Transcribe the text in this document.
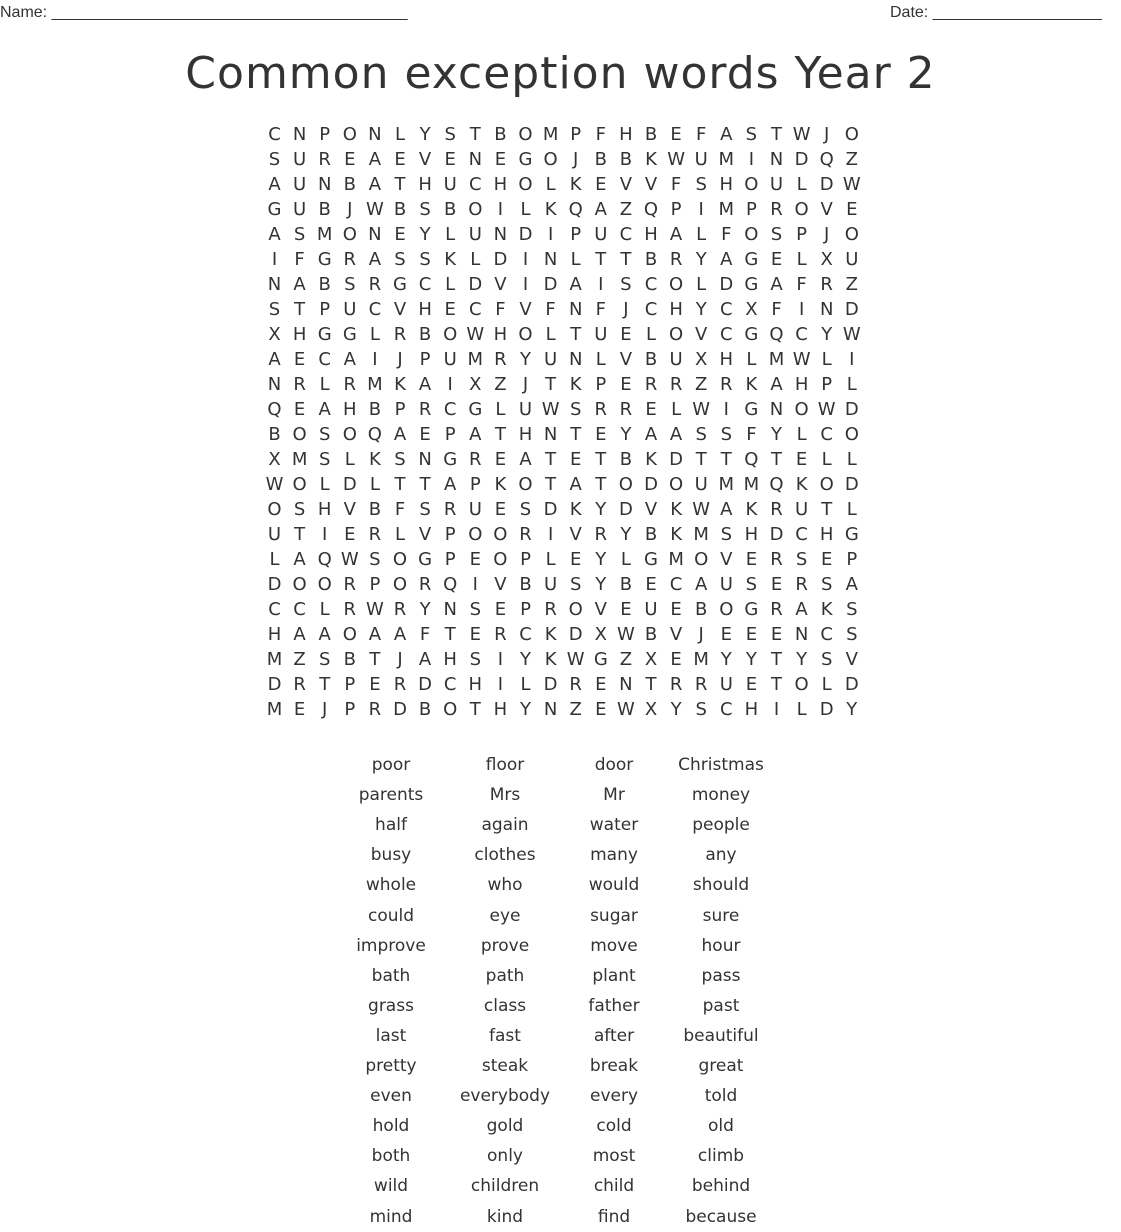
Name: ________________________________________	Date: ___________________
Common exception words Year 2
C N P O N L Y S T B O M P F H B E F A S T W J O
S U R E A E V E N E G O J B B K W U M I N D Q Z
A U N B A T H U C H O L K E V V F S H O U L D W
G U B J W B S B O I L K Q A Z Q P I M P R O V E
A S M O N E Y L U N D I P U C H A L F O S P J O
I F G R A S S K L D I N L T T B R Y A G E L X U
N A B S R G C L D V I D A I S C O L D G A F R Z
S T P U C V H E C F V F N F J C H Y C X F I N D
X H G G L R B O W H O L T U E L O V C G Q C Y W
A E C A I	J P U M R Y U N L V B U X H L M W L I
N R L R M K A I X Z J T K P E R R Z R K A H P L
Q E A H B P R C G L U W S R R E L W I G N O W D
B O S O Q A E P A T H N T E Y A A S S F Y L C O
X M S L K S N G R E A T E T B K D T T Q T E L L
W O L D L T T A P K O T A T O D O U M M Q K O D
O S H V B F S R U E S D K Y D V K W A K R U T L
U T I E R L V P O O R I V R Y B K M S H D C H G
L A Q W S O G P E O P L E Y L G M O V E R S E P
D O O R P O R Q I V B U S Y B E C A U S E R S A
C C L R W R Y N S E P R O V E U E B O G R A K S
H A A O A A F T E R C K D X W B V J E E E N C S
M Z S B T J A H S I Y K W G Z X E M Y Y T Y S V
D R T P E R D C H I L D R E N T R R U E T O L D
M E J P R D B O T H Y N Z E W X Y S C H I L D Y
poor	floor	door	Christmas
parents	Mrs	Mr	money
half	again	water	people
busy	clothes	many	any
whole	who	would	should
could	eye	sugar	sure
improve	prove	move	hour
bath	path	plant	pass
grass	class	father	past
last	fast	after	beautiful
pretty	steak	break	great
even	everybody	every	told
hold	gold	cold	old
both	only	most	climb
wild	children	child	behind
mind	kind	find	because
